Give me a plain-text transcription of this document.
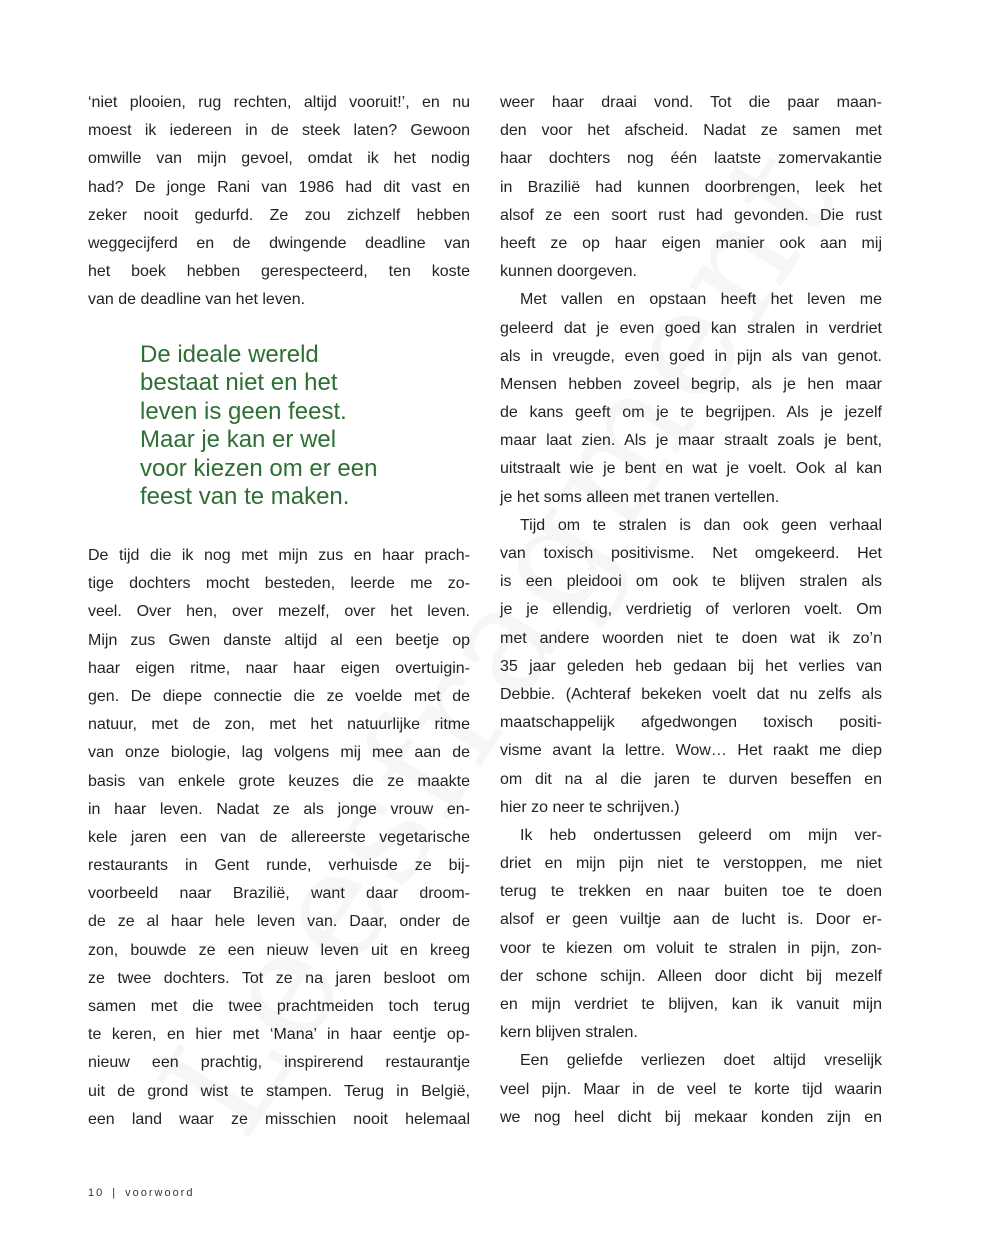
‘niet plooien, rug rechten, altijd vooruit!’, en nu
moest ik iedereen in de steek laten? Gewoon
omwille van mijn gevoel, omdat ik het nodig
had? De jonge Rani van 1986 had dit vast en
zeker nooit gedurfd. Ze zou zichzelf hebben
weggecijferd en de dwingende deadline van
het boek hebben gerespecteerd, ten koste
van de deadline van het leven.
De ideale wereld
bestaat niet en het
leven is geen feest.
Maar je kan er wel
voor kiezen om er een
feest van te maken.
De tijd die ik nog met mijn zus en haar prach-
tige dochters mocht besteden, leerde me zo-
veel. Over hen, over mezelf, over het leven.
Mijn zus Gwen danste altijd al een beetje op
haar eigen ritme, naar haar eigen overtuigin-
gen. De diepe connectie die ze voelde met de
natuur, met de zon, met het natuurlijke ritme
van onze biologie, lag volgens mij mee aan de
basis van enkele grote keuzes die ze maakte
in haar leven. Nadat ze als jonge vrouw en-
kele jaren een van de allereerste vegetarische
restaurants in Gent runde, verhuisde ze bij-
voorbeeld naar Brazilië, want daar droom-
de ze al haar hele leven van. Daar, onder de
zon, bouwde ze een nieuw leven uit en kreeg
ze twee dochters. Tot ze na jaren besloot om
samen met die twee prachtmeiden toch terug
te keren, en hier met ‘Mana’ in haar eentje op-
nieuw een prachtig, inspirerend restaurantje
uit de grond wist te stampen. Terug in België,
een land waar ze misschien nooit helemaal
weer haar draai vond. Tot die paar maan-
den voor het afscheid. Nadat ze samen met
haar dochters nog één laatste zomervakantie
in Brazilië had kunnen doorbrengen, leek het
alsof ze een soort rust had gevonden. Die rust
heeft ze op haar eigen manier ook aan mij
kunnen doorgeven.
Met vallen en opstaan heeft het leven me
geleerd dat je even goed kan stralen in verdriet
als in vreugde, even goed in pijn als van genot.
Mensen hebben zoveel begrip, als je hen maar
de kans geeft om je te begrijpen. Als je jezelf
maar laat zien. Als je maar straalt zoals je bent,
uitstraalt wie je bent en wat je voelt. Ook al kan
je het soms alleen met tranen vertellen.
Tijd om te stralen is dan ook geen verhaal
van toxisch positivisme. Net omgekeerd. Het
is een pleidooi om ook te blijven stralen als
je je ellendig, verdrietig of verloren voelt. Om
met andere woorden niet te doen wat ik zo’n
35 jaar geleden heb gedaan bij het verlies van
Debbie. (Achteraf bekeken voelt dat nu zelfs als
maatschappelijk afgedwongen toxisch positi-
visme avant la lettre. Wow… Het raakt me diep
om dit na al die jaren te durven beseffen en
hier zo neer te schrijven.)
Ik heb ondertussen geleerd om mijn ver-
driet en mijn pijn niet te verstoppen, me niet
terug te trekken en naar buiten toe te doen
alsof er geen vuiltje aan de lucht is. Door er-
voor te kiezen om voluit te stralen in pijn, zon-
der schone schijn. Alleen door dicht bij mezelf
en mijn verdriet te blijven, kan ik vanuit mijn
kern blijven stralen.
Een geliefde verliezen doet altijd vreselijk
veel pijn. Maar in de veel te korte tijd waarin
we nog heel dicht bij mekaar konden zijn en
10 | voorwoord
